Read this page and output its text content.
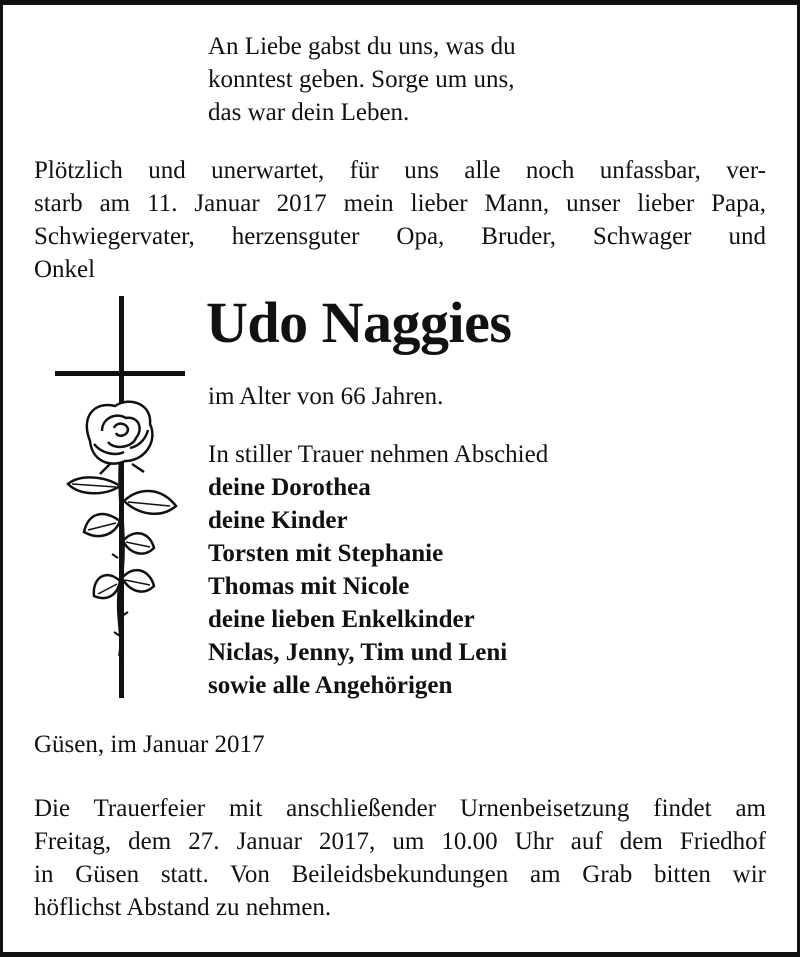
An Liebe gabst du uns, was du
konntest geben. Sorge um uns,
das war dein Leben.
Plötzlich und unerwartet, für uns alle noch unfassbar, ver-
starb am 11. Januar 2017 mein lieber Mann, unser lieber Papa,
Schwiegervater, herzensguter Opa, Bruder, Schwager und
Onkel
Udo Naggies
im Alter von 66 Jahren.
In stiller Trauer nehmen Abschied
deine Dorothea
deine Kinder
Torsten mit Stephanie
Thomas mit Nicole
deine lieben Enkelkinder
Niclas, Jenny, Tim und Leni
sowie alle Angehörigen
Güsen, im Januar 2017
Die Trauerfeier mit anschließender Urnenbeisetzung findet am
Freitag, dem 27. Januar 2017, um 10.00 Uhr auf dem Friedhof
in Güsen statt. Von Beileidsbekundungen am Grab bitten wir
höflichst Abstand zu nehmen.
